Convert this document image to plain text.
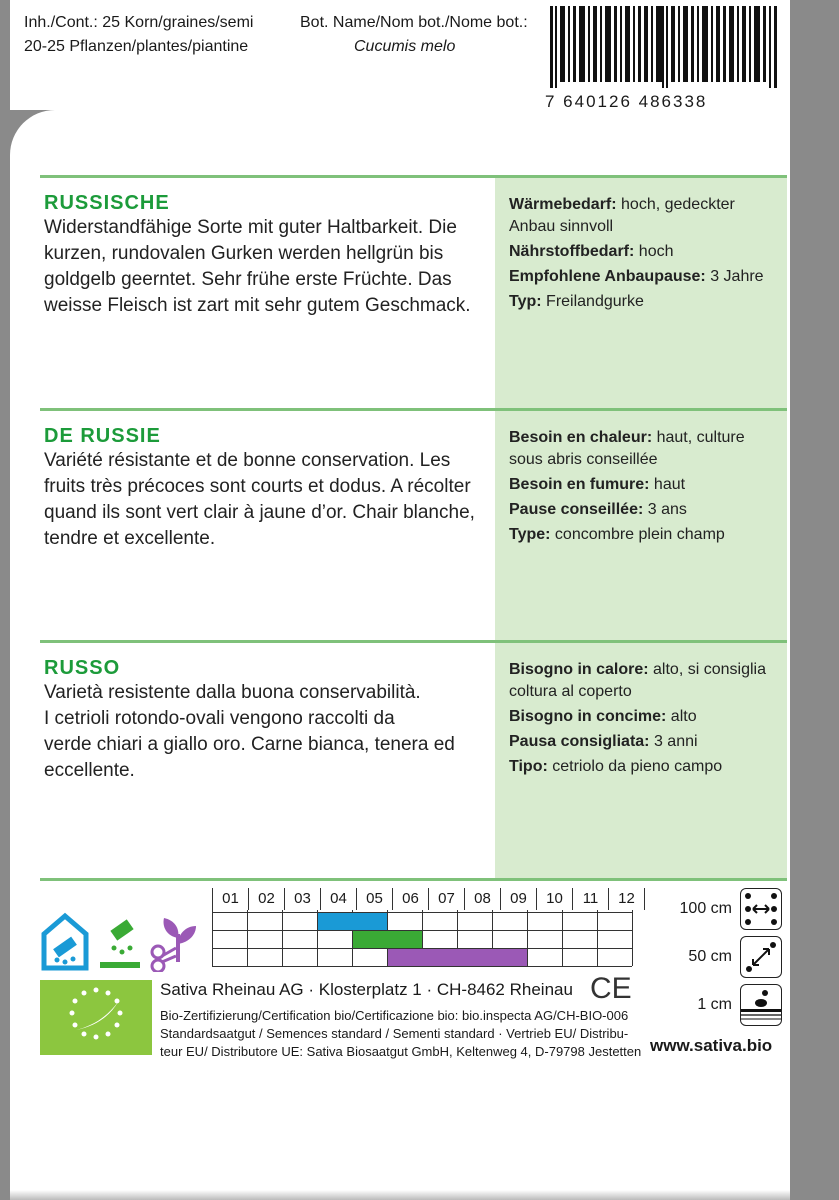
Inh./Cont.: 25 Korn/graines/semi
20-25 Pflanzen/plantes/piantine
Bot. Name/Nom bot./Nome bot.:
Cucumis melo
7 640126 486338
Wärmebedarf: hoch, gedeckter
Anbau sinnvoll
Nährstoffbedarf: hoch
Empfohlene Anbaupause: 3 Jahre
Typ: Freilandgurke
RUSSISCHE
Widerstandfähige Sorte mit guter Haltbarkeit. Die
kurzen, rundovalen Gurken werden hellgrün bis
goldgelb geerntet. Sehr frühe erste Früchte. Das
weisse Fleisch ist zart mit sehr gutem Geschmack.
Besoin en chaleur: haut, culture
sous abris conseillée
Besoin en fumure: haut
Pause conseillée: 3 ans
Type: concombre plein champ
DE RUSSIE
Variété résistante et de bonne conservation. Les
fruits très précoces sont courts et dodus. A récolter
quand ils sont vert clair à jaune d’or. Chair blanche,
tendre et excellente.
Bisogno in calore: alto, si consiglia
coltura al coperto
Bisogno in concime: alto
Pausa consigliata: 3 anni
Tipo: cetriolo da pieno campo
RUSSO
Varietà resistente dalla buona conservabilità.
I cetrioli rotondo-ovali vengono raccolti da
verde chiari a giallo oro. Carne bianca, tenera ed
eccellente.
01	02	03	04	05	06	07	08	09	10	11	12
100 cm
50 cm
1 cm
Sativa Rheinau AG · Klosterplatz 1 · CH-8462 Rheinau CE
Bio-Zertifizierung/Certification bio/Certificazione bio: bio.inspecta AG/CH-BIO-006
Standardsaatgut / Semences standard / Sementi standard · Vertrieb EU/ Distribu-
teur EU/ Distributore UE: Sativa Biosaatgut GmbH, Keltenweg 4, D-79798 Jestetten www.sativa.bio
